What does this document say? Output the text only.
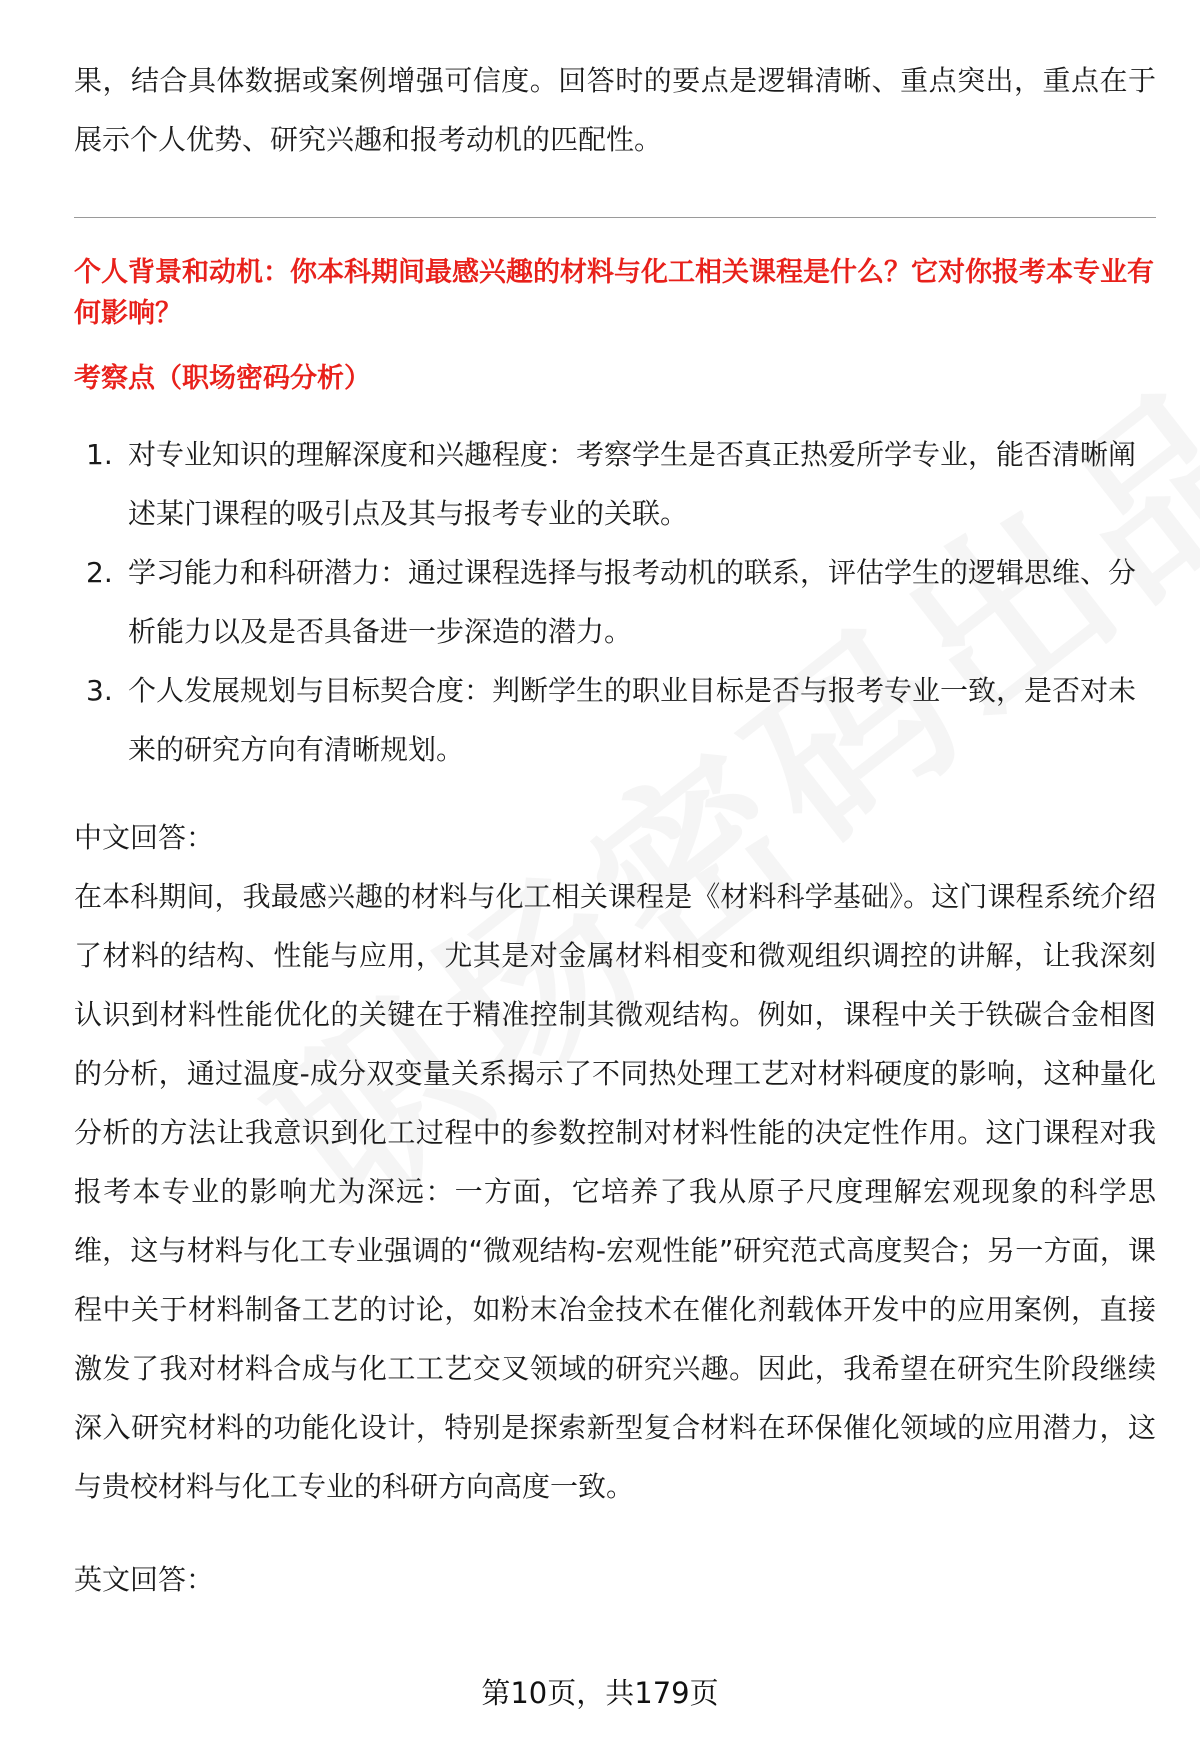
果，结合具体数据或案例增强可信度。回答时的要点是逻辑清晰、重点突出，重点在于展示个人优势、研究兴趣和报考动机的匹配性。

个人背景和动机：你本科期间最感兴趣的材料与化工相关课程是什么？它对你报考本专业有何影响？

考察点（职场密码分析）

1. 对专业知识的理解深度和兴趣程度：考察学生是否真正热爱所学专业，能否清晰阐述某门课程的吸引点及其与报考专业的关联。
2. 学习能力和科研潜力：通过课程选择与报考动机的联系，评估学生的逻辑思维、分析能力以及是否具备进一步深造的潜力。
3. 个人发展规划与目标契合度：判断学生的职业目标是否与报考专业一致，是否对未来的研究方向有清晰规划。

中文回答：

在本科期间，我最感兴趣的材料与化工相关课程是《材料科学基础》。这门课程系统介绍了材料的结构、性能与应用，尤其是对金属材料相变和微观组织调控的讲解，让我深刻认识到材料性能优化的关键在于精准控制其微观结构。例如，课程中关于铁碳合金相图的分析，通过温度-成分双变量关系揭示了不同热处理工艺对材料硬度的影响，这种量化分析的方法让我意识到化工过程中的参数控制对材料性能的决定性作用。这门课程对我报考本专业的影响尤为深远：一方面，它培养了我从原子尺度理解宏观现象的科学思维，这与材料与化工专业强调的“微观结构-宏观性能”研究范式高度契合；另一方面，课程中关于材料制备工艺的讨论，如粉末冶金技术在催化剂载体开发中的应用案例，直接激发了我对材料合成与化工工艺交叉领域的研究兴趣。因此，我希望在研究生阶段继续深入研究材料的功能化设计，特别是探索新型复合材料在环保催化领域的应用潜力，这与贵校材料与化工专业的科研方向高度一致。

英文回答：

第10页，共179页
